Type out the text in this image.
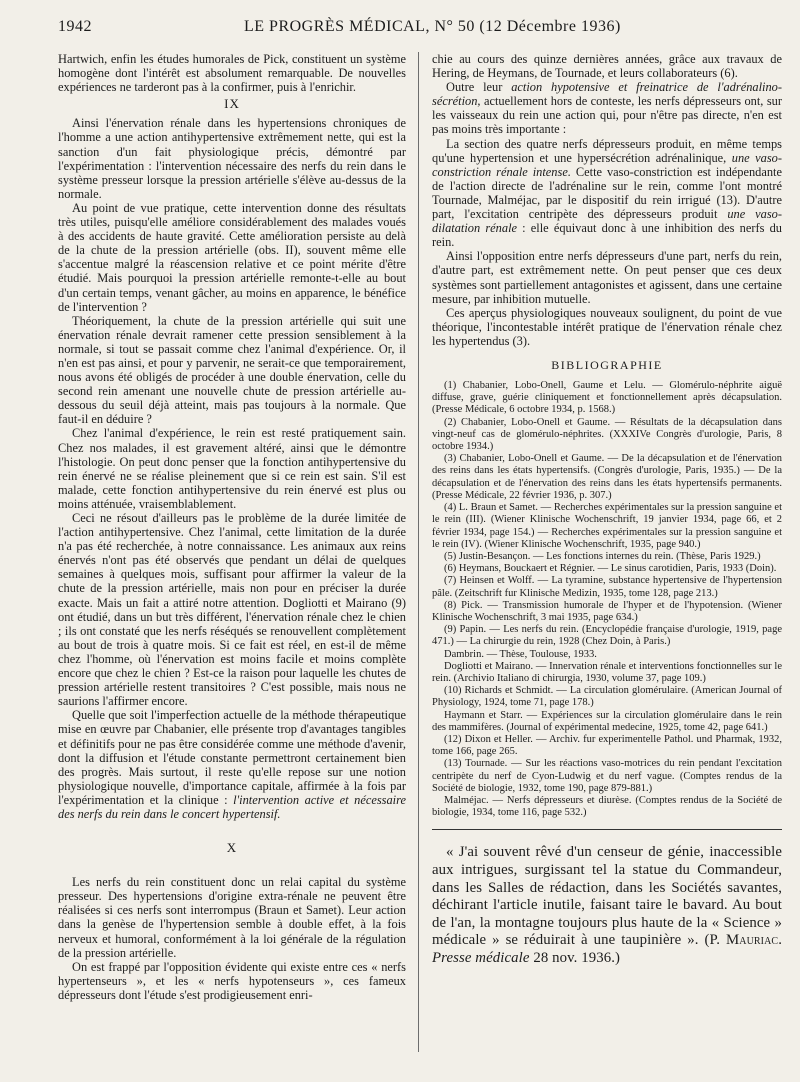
1942	LE PROGRÈS MÉDICAL, N° 50 (12 Décembre 1936)

Hartwich, enfin les études humorales de Pick, constituent un système homogène dont l'intérêt est absolument remarquable. De nouvelles expériences ne tarderont pas à la confirmer, puis à l'enrichir.

IX

Ainsi l'énervation rénale dans les hypertensions chroniques de l'homme a une action antihypertensive extrêmement nette, qui est la sanction d'un fait physiologique précis, démontré par l'expérimentation : l'intervention nécessaire des nerfs du rein dans le système presseur lorsque la pression artérielle s'élève au-dessus de la normale.

Au point de vue pratique, cette intervention donne des résultats très utiles, puisqu'elle améliore considérablement des malades voués à des accidents de haute gravité. Cette amélioration persiste au delà de la chute de la pression artérielle (obs. II), souvent même elle s'accentue malgré la réascension relative et ce point mérite d'être étudié. Mais pourquoi la pression artérielle remonte-t-elle au bout d'un certain temps, venant gâcher, au moins en apparence, le bénéfice de l'intervention ?

Théoriquement, la chute de la pression artérielle qui suit une énervation rénale devrait ramener cette pression sensiblement à la normale, si tout se passait comme chez l'animal d'expérience. Or, il n'en est pas ainsi, et pour y parvenir, ne serait-ce que temporairement, nous avons été obligés de procéder à une double énervation, celle du second rein amenant une nouvelle chute de pression artérielle au-dessous du seuil déjà atteint, mais pas toujours à la normale. Que faut-il en déduire ?

Chez l'animal d'expérience, le rein est resté pratiquement sain. Chez nos malades, il est gravement altéré, ainsi que le démontre l'histologie. On peut donc penser que la fonction antihypertensive du rein énervé ne se réalise pleinement que si ce rein est sain. S'il est malade, cette fonction antihypertensive du rein énervé est plus ou moins atténuée, vraisemblablement.

Ceci ne résout d'ailleurs pas le problème de la durée limitée de l'action antihypertensive. Chez l'animal, cette limitation de la durée n'a pas été recherchée, à notre connaissance. Les animaux aux reins énervés n'ont pas été observés que pendant un délai de quelques semaines à quelques mois, suffisant pour affirmer la valeur de la chute de la pression artérielle, mais non pour en préciser la durée exacte. Mais un fait a attiré notre attention. Dogliotti et Mairano (9) ont étudié, dans un but très différent, l'énervation rénale chez le chien ; ils ont constaté que les nerfs réséqués se renouvellent complètement au bout de trois à quatre mois. Si ce fait est réel, en est-il de même chez l'homme, où l'énervation est moins facile et moins complète encore que chez le chien ? Est-ce la raison pour laquelle les chutes de pression artérielle restent transitoires ? C'est possible, mais nous ne saurions l'affirmer encore.

Quelle que soit l'imperfection actuelle de la méthode thérapeutique mise en œuvre par Chabanier, elle présente trop d'avantages tangibles et définitifs pour ne pas être considérée comme une méthode d'avenir, dont la diffusion et l'étude constante permettront certainement bien des progrès. Mais surtout, il reste qu'elle repose sur une notion physiologique nouvelle, d'importance capitale, affirmée à la fois par l'expérimentation et la clinique : l'intervention active et nécessaire des nerfs du rein dans le concert hypertensif.

X

Les nerfs du rein constituent donc un relai capital du système presseur. Des hypertensions d'origine extra-rénale ne peuvent être réalisées si ces nerfs sont interrompus (Braun et Samet). Leur action dans la genèse de l'hypertension semble à double effet, à la fois nerveux et humoral, conformément à la loi générale de la régulation de la pression artérielle.

On est frappé par l'opposition évidente qui existe entre ces « nerfs hypertenseurs », et les « nerfs hypotenseurs », ces fameux dépresseurs dont l'étude s'est prodigieusement enri-

chie au cours des quinze dernières années, grâce aux travaux de Hering, de Heymans, de Tournade, et leurs collaborateurs (6).

Outre leur action hypotensive et freinatrice de l'adrénalino-sécrétion, actuellement hors de conteste, les nerfs dépresseurs ont, sur les vaisseaux du rein une action qui, pour n'être pas directe, n'en est pas moins très importante :

La section des quatre nerfs dépresseurs produit, en même temps qu'une hypertension et une hypersécrétion adrénalinique, une vaso-constriction rénale intense. Cette vaso-constriction est indépendante de l'action directe de l'adrénaline sur le rein, comme l'ont montré Tournade, Malméjac, par le dispositif du rein irrigué (13). D'autre part, l'excitation centripète des dépresseurs produit une vaso-dilatation rénale : elle équivaut donc à une inhibition des nerfs du rein.

Ainsi l'opposition entre nerfs dépresseurs d'une part, nerfs du rein, d'autre part, est extrêmement nette. On peut penser que ces deux systèmes sont partiellement antagonistes et agissent, dans une certaine mesure, par inhibition mutuelle.

Ces aperçus physiologiques nouveaux soulignent, du point de vue théorique, l'incontestable intérêt pratique de l'énervation rénale chez les hypertendus (3).

BIBLIOGRAPHIE

(1) Chabanier, Lobo-Onell, Gaume et Lelu. — Glomérulo-néphrite aiguë diffuse, grave, guérie cliniquement et fonctionnellement après décapsulation. (Presse Médicale, 6 octobre 1934, p. 1568.)

(2) Chabanier, Lobo-Onell et Gaume. — Résultats de la décapsulation dans vingt-neuf cas de glomérulo-néphrites. (XXXIVe Congrès d'urologie, Paris, 8 octobre 1934.)

(3) Chabanier, Lobo-Onell et Gaume. — De la décapsulation et de l'énervation des reins dans les états hypertensifs. (Congrès d'urologie, Paris, 1935.) — De la décapsulation et de l'énervation des reins dans les états hypertensifs permanents. (Presse Médicale, 22 février 1936, p. 307.)

(4) L. Braun et Samet. — Recherches expérimentales sur la pression sanguine et le rein (III). (Wiener Klinische Wochenschrift, 19 janvier 1934, page 66, et 2 février 1934, page 154.) — Recherches expérimentales sur la pression sanguine et le rein (IV). (Wiener Klinische Wochenschrift, 1935, page 940.)

(5) Justin-Besançon. — Les fonctions internes du rein. (Thèse, Paris 1929.)

(6) Heymans, Bouckaert et Régnier. — Le sinus carotidien, Paris, 1933 (Doin).

(7) Heinsen et Wolff. — La tyramine, substance hypertensive de l'hypertension pâle. (Zeitschrift fur Klinische Medizin, 1935, tome 128, page 213.)

(8) Pick. — Transmission humorale de l'hyper et de l'hypotension. (Wiener Klinische Wochenschrift, 3 mai 1935, page 634.)

(9) Papin. — Les nerfs du rein. (Encyclopédie française d'urologie, 1919, page 471.) — La chirurgie du rein, 1928 (Chez Doin, à Paris.)

Dambrin. — Thèse, Toulouse, 1933.

Dogliotti et Mairano. — Innervation rénale et interventions fonctionnelles sur le rein. (Archivio Italiano di chirurgia, 1930, volume 37, page 109.)

(10) Richards et Schmidt. — La circulation glomérulaire. (American Journal of Physiology, 1924, tome 71, page 178.)

Haymann et Starr. — Expériences sur la circulation glomérulaire dans le rein des mammifères. (Journal of expérimental medecine, 1925, tome 42, page 641.)

(12) Dixon et Heller. — Archiv. fur experimentelle Pathol. und Pharmak, 1932, tome 166, page 265.

(13) Tournade. — Sur les réactions vaso-motrices du rein pendant l'excitation centripète du nerf de Cyon-Ludwig et du nerf vague. (Comptes rendus de la Société de biologie, 1932, tome 190, page 879-881.)

Malméjac. — Nerfs dépresseurs et diurèse. (Comptes rendus de la Société de biologie, 1934, tome 116, page 532.)

« J'ai souvent rêvé d'un censeur de génie, inaccessible aux intrigues, surgissant tel la statue du Commandeur, dans les Salles de rédaction, dans les Sociétés savantes, déchirant l'article inutile, faisant taire le bavard. Au bout de l'an, la montagne toujours plus haute de la « Science » médicale » se réduirait à une taupinière ». (P. Mauriac. Presse médicale 28 nov. 1936.)
